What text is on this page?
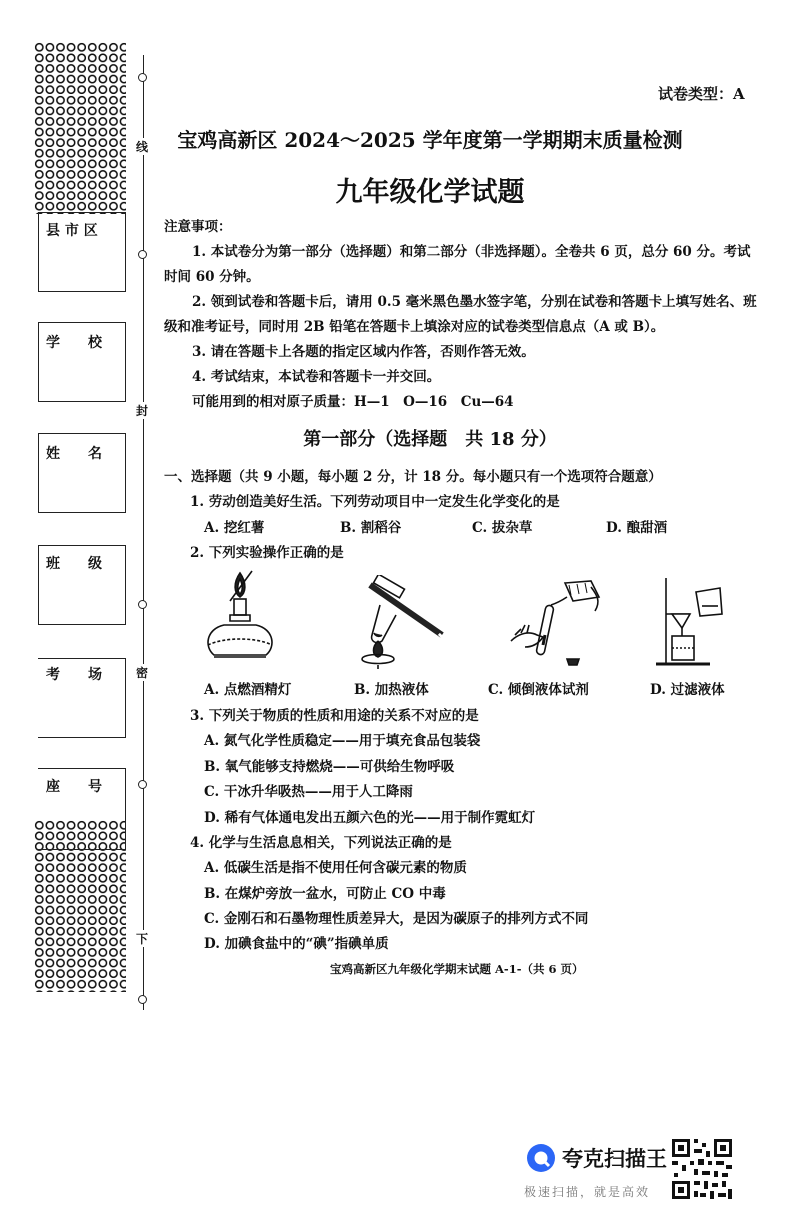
线
封
密
下
县 市 区
学　　校
姓　　名
班　　级
考　　场
座　　号
试卷类型：A
宝鸡高新区 2024～2025 学年度第一学期期末质量检测
九年级化学试题
注意事项：
1. 本试卷分为第一部分（选择题）和第二部分（非选择题）。全卷共 6 页，总分 60 分。考试时间 60 分钟。
2. 领到试卷和答题卡后，请用 0.5 毫米黑色墨水签字笔，分别在试卷和答题卡上填写姓名、班级和准考证号，同时用 2B 铅笔在答题卡上填涂对应的试卷类型信息点（A 或 B）。
3. 请在答题卡上各题的指定区域内作答，否则作答无效。
4. 考试结束，本试卷和答题卡一并交回。
可能用到的相对原子质量：H—1　O—16　Cu—64
第一部分（选择题　共 18 分）
一、选择题（共 9 小题，每小题 2 分，计 18 分。每小题只有一个选项符合题意）
1. 劳动创造美好生活。下列劳动项目中一定发生化学变化的是
A. 挖红薯	B. 割稻谷	C. 拔杂草	D. 酿甜酒
2. 下列实验操作正确的是
A. 点燃酒精灯	B. 加热液体	C. 倾倒液体试剂	D. 过滤液体
3. 下列关于物质的性质和用途的关系不对应的是
A. 氮气化学性质稳定——用于填充食品包装袋
B. 氧气能够支持燃烧——可供给生物呼吸
C. 干冰升华吸热——用于人工降雨
D. 稀有气体通电发出五颜六色的光——用于制作霓虹灯
4. 化学与生活息息相关，下列说法正确的是
A. 低碳生活是指不使用任何含碳元素的物质
B. 在煤炉旁放一盆水，可防止 CO 中毒
C. 金刚石和石墨物理性质差异大，是因为碳原子的排列方式不同
D. 加碘食盐中的“碘”指碘单质
宝鸡高新区九年级化学期末试题 A-1-（共 6 页）
夸克扫描王
极速扫描，就是高效
